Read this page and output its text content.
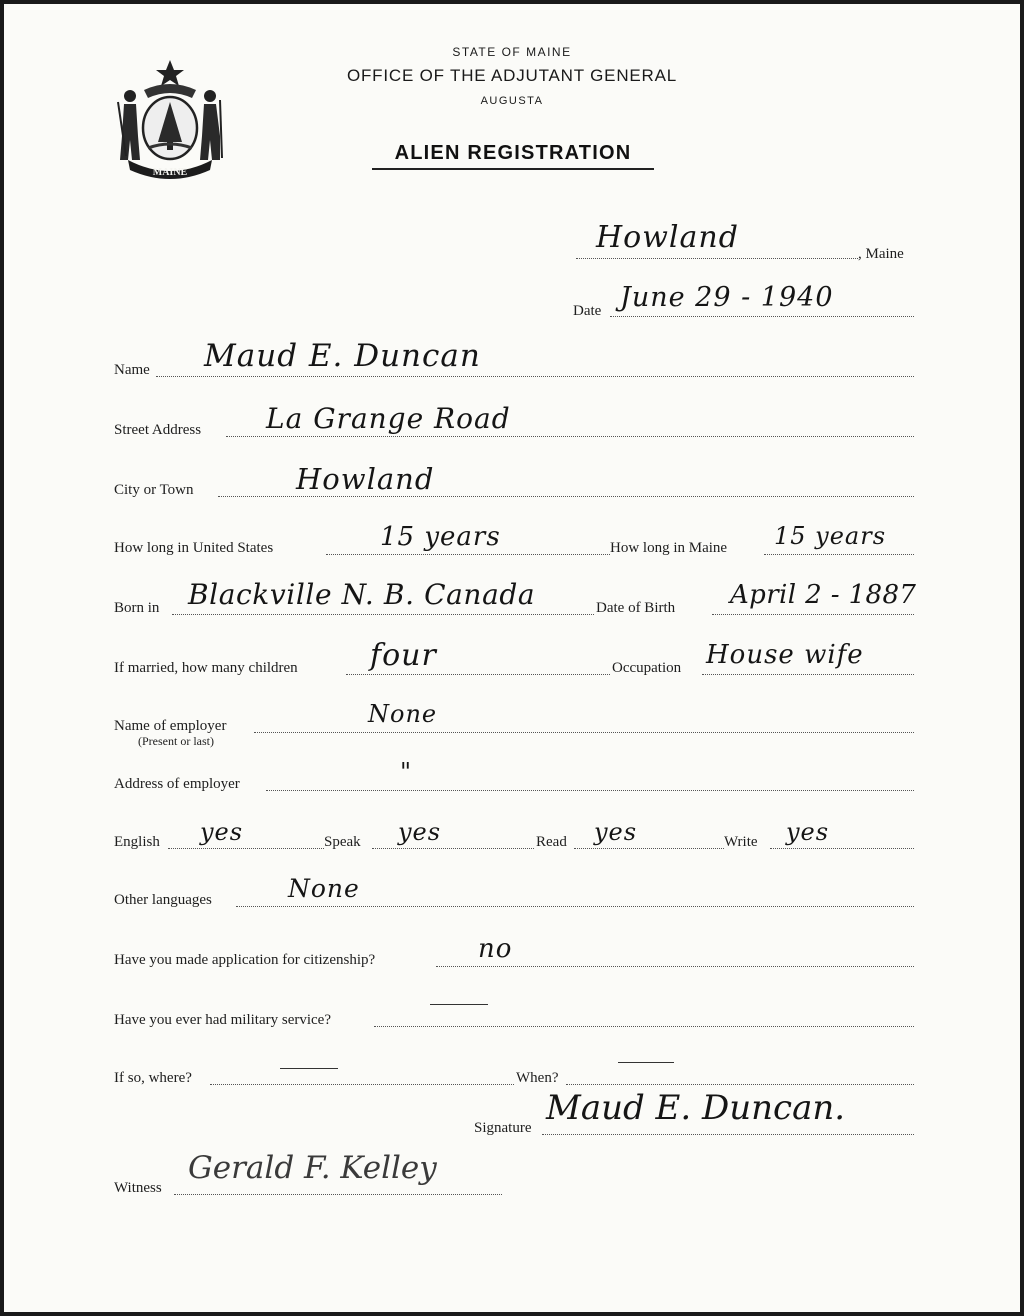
MAINE
STATE OF MAINE
OFFICE OF THE ADJUTANT GENERAL
AUGUSTA
ALIEN REGISTRATION
Howland	, Maine
Date June 29 - 1940
Name Maud E. Duncan
Street Address La Grange Road
City or Town	Howland
How long in United States	15 years	How long in Maine 15 years
Born in Blackville N. B. Canada	Date of Birth April 2 - 1887
If married, how many children four	Occupation House wife
Name of employer
(Present or last)
None
Address of employer	"
English yes	Speak yes	Read yes	Write yes
Other languages	None
Have you made application for citizenship?	no
Have you ever had military service?
If so, where?	When?
Signature Maud E. Duncan.
Witness
Gerald F. Kelley
